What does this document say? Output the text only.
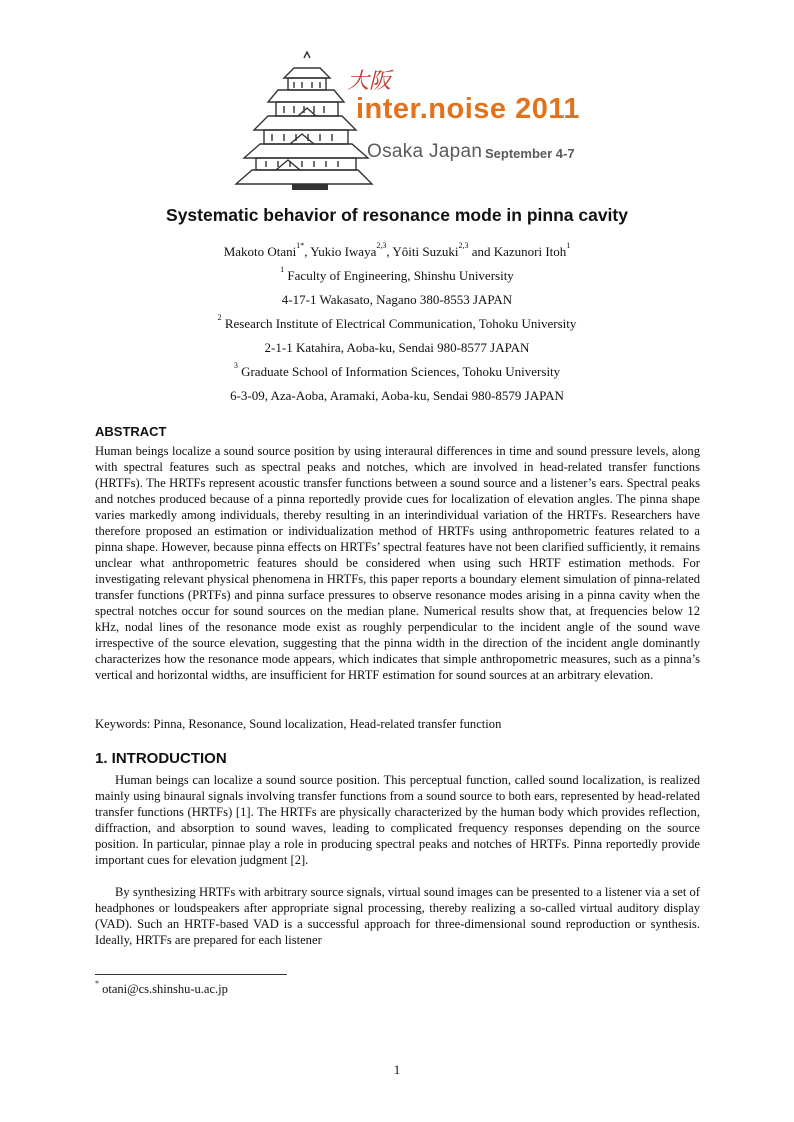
大阪
inter.noise 2011
Osaka Japan September 4-7
Systematic behavior of resonance mode in pinna cavity
Makoto Otani$^{1*}$, Yukio Iwaya$^{2,3}$, Yôiti Suzuki$^{2,3}$ and Kazunori Itoh$^1$
$^1$ Faculty of Engineering, Shinshu University
4-17-1 Wakasato, Nagano 380-8553 JAPAN
$^2$ Research Institute of Electrical Communication, Tohoku University
2-1-1 Katahira, Aoba-ku, Sendai 980-8577 JAPAN
$^3$ Graduate School of Information Sciences, Tohoku University
6-3-09, Aza-Aoba, Aramaki, Aoba-ku, Sendai 980-8579 JAPAN
ABSTRACT

Human beings localize a sound source position by using interaural differences in time and sound pressure levels, along with spectral features such as spectral peaks and notches, which are involved in head-related transfer functions (HRTFs). The HRTFs represent acoustic transfer functions between a sound source and a listener’s ears. Spectral peaks and notches produced because of a pinna reportedly provide cues for localization of elevation angles. The pinna shape varies markedly among individuals, thereby resulting in an interindividual variation of the HRTFs. Researchers have therefore proposed an estimation or individualization method of HRTFs using anthropometric features related to a pinna shape. However, because pinna effects on HRTFs’ spectral features have not been clarified sufficiently, it remains unclear what anthropometric features should be considered when using such HRTF estimation methods. For investigating relevant physical phenomena in HRTFs, this paper reports a boundary element simulation of pinna-related transfer functions (PRTFs) and pinna surface pressures to observe resonance modes arising in a pinna cavity when the spectral notches occur for sound sources on the median plane. Numerical results show that, at frequencies below 12 kHz, nodal lines of the resonance mode exist as roughly perpendicular to the incident angle of the sound wave irrespective of the source elevation, suggesting that the pinna width in the direction of the incident angle dominantly characterizes how the resonance mode appears, which indicates that simple anthropometric measures, such as a pinna’s vertical and horizontal widths, are insufficient for HRTF estimation for sound sources at an arbitrary elevation.

Keywords: Pinna, Resonance, Sound localization, Head-related transfer function

1. INTRODUCTION

Human beings can localize a sound source position. This perceptual function, called sound localization, is realized mainly using binaural signals involving transfer functions from a sound source to both ears, represented by head-related transfer functions (HRTFs) [1]. The HRTFs are physically characterized by the human body which provides reflection, diffraction, and absorption to sound waves, leading to complicated frequency responses depending on the source position. In particular, pinnae play a role in producing spectral peaks and notches of HRTFs. Pinna reportedly provide important cues for elevation judgment [2].

By synthesizing HRTFs with arbitrary source signals, virtual sound images can be presented to a listener via a set of headphones or loudspeakers after appropriate signal processing, thereby realizing a so-called virtual auditory display (VAD). Such an HRTF-based VAD is a successful approach for three-dimensional sound reproduction or synthesis. Ideally, HRTFs are prepared for each listener

* otani@cs.shinshu-u.ac.jp
1
